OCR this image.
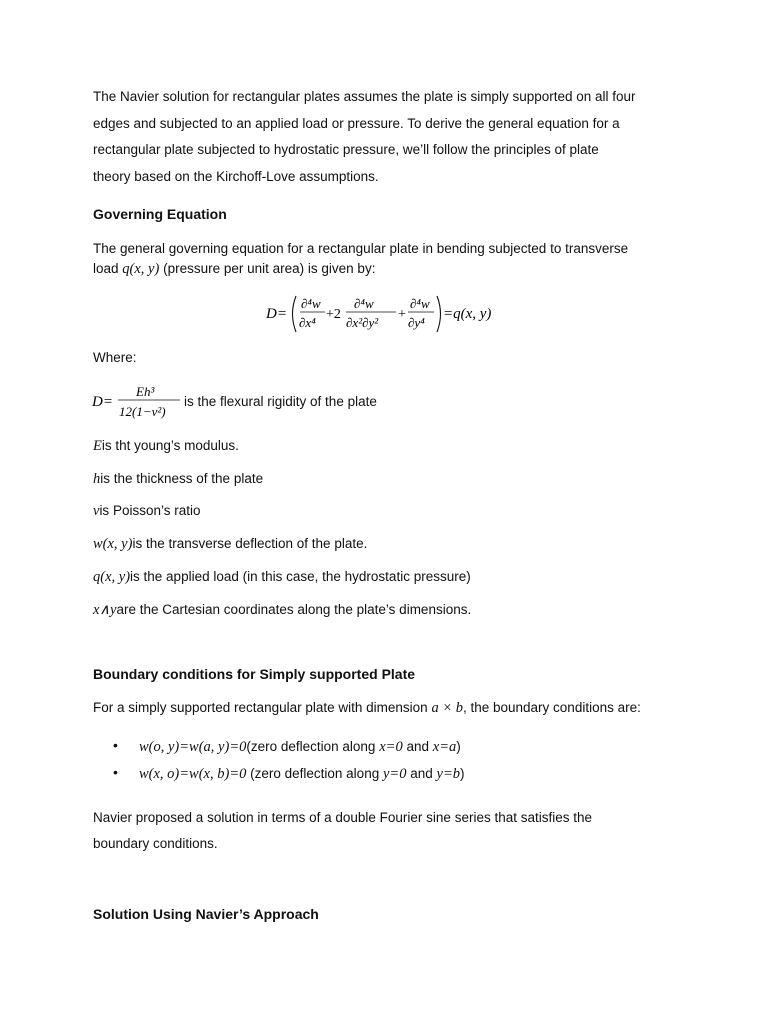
The Navier solution for rectangular plates assumes the plate is simply supported on all four
edges and subjected to an applied load or pressure. To derive the general equation for a
rectangular plate subjected to hydrostatic pressure, we’ll follow the principles of plate
theory based on the Kirchoff-Love assumptions.
Governing Equation
The general governing equation for a rectangular plate in bending subjected to transverse
load q(x, y) (pressure per unit area) is given by:
D=
∂⁴w
∂x⁴
+2
∂⁴w
∂x²∂y²
+
∂⁴w
∂y⁴
=q(x, y)
Where:
D=
Eh³
12(1−v²)
is the flexural rigidity of the plate
Eis tht young’s modulus.
his the thickness of the plate
vis Poisson’s ratio
w(x, y)is the transverse deflection of the plate.
q(x, y)is the applied load (in this case, the hydrostatic pressure)
x∧yare the Cartesian coordinates along the plate’s dimensions.
Boundary conditions for Simply supported Plate
For a simply supported rectangular plate with dimension a × b, the boundary conditions are:
• w(o, y)=w(a, y)=0(zero deflection along x=0 and x=a)
• w(x, o)=w(x, b)=0 (zero deflection along y=0 and y=b)
Navier proposed a solution in terms of a double Fourier sine series that satisfies the
boundary conditions.
Solution Using Navier’s Approach
